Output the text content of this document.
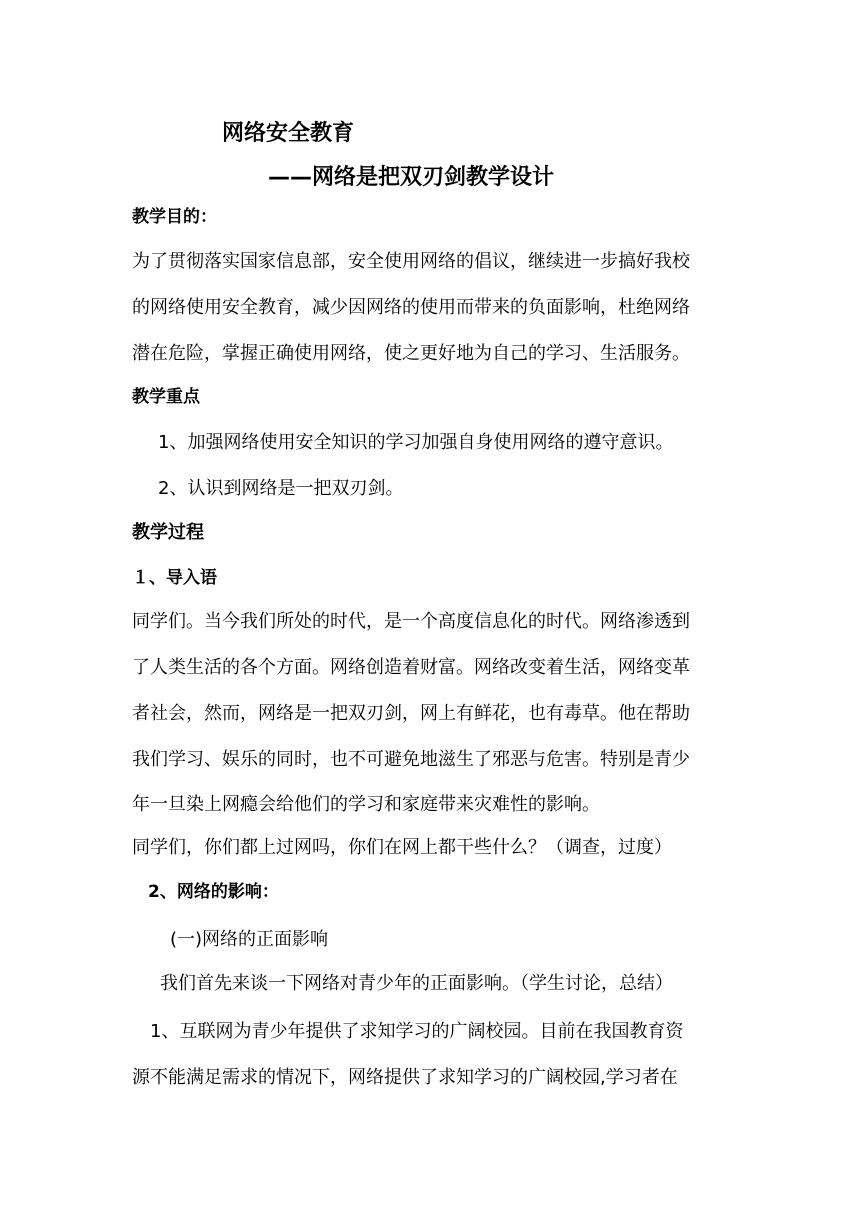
网络安全教育
——网络是把双刃剑教学设计
教学目的：
为了贯彻落实国家信息部，安全使用网络的倡议，继续进一步搞好我校
的网络使用安全教育，减少因网络的使用而带来的负面影响，杜绝网络
潜在危险，掌握正确使用网络，使之更好地为自己的学习、生活服务。
教学重点
1、加强网络使用安全知识的学习加强自身使用网络的遵守意识。
2、认识到网络是一把双刃剑。
教学过程
１、导入语
同学们。当今我们所处的时代，是一个高度信息化的时代。网络渗透到
了人类生活的各个方面。网络创造着财富。网络改变着生活，网络变革
者社会，然而，网络是一把双刃剑，网上有鲜花，也有毒草。他在帮助
我们学习、娱乐的同时，也不可避免地滋生了邪恶与危害。特别是青少
年一旦染上网瘾会给他们的学习和家庭带来灾难性的影响。
同学们，你们都上过网吗，你们在网上都干些什么？（调查，过度）
2、网络的影响：
(一)网络的正面影响
我们首先来谈一下网络对青少年的正面影响。（学生讨论，总结）
1、互联网为青少年提供了求知学习的广阔校园。目前在我国教育资
源不能满足需求的情况下，网络提供了求知学习的广阔校园,学习者在
